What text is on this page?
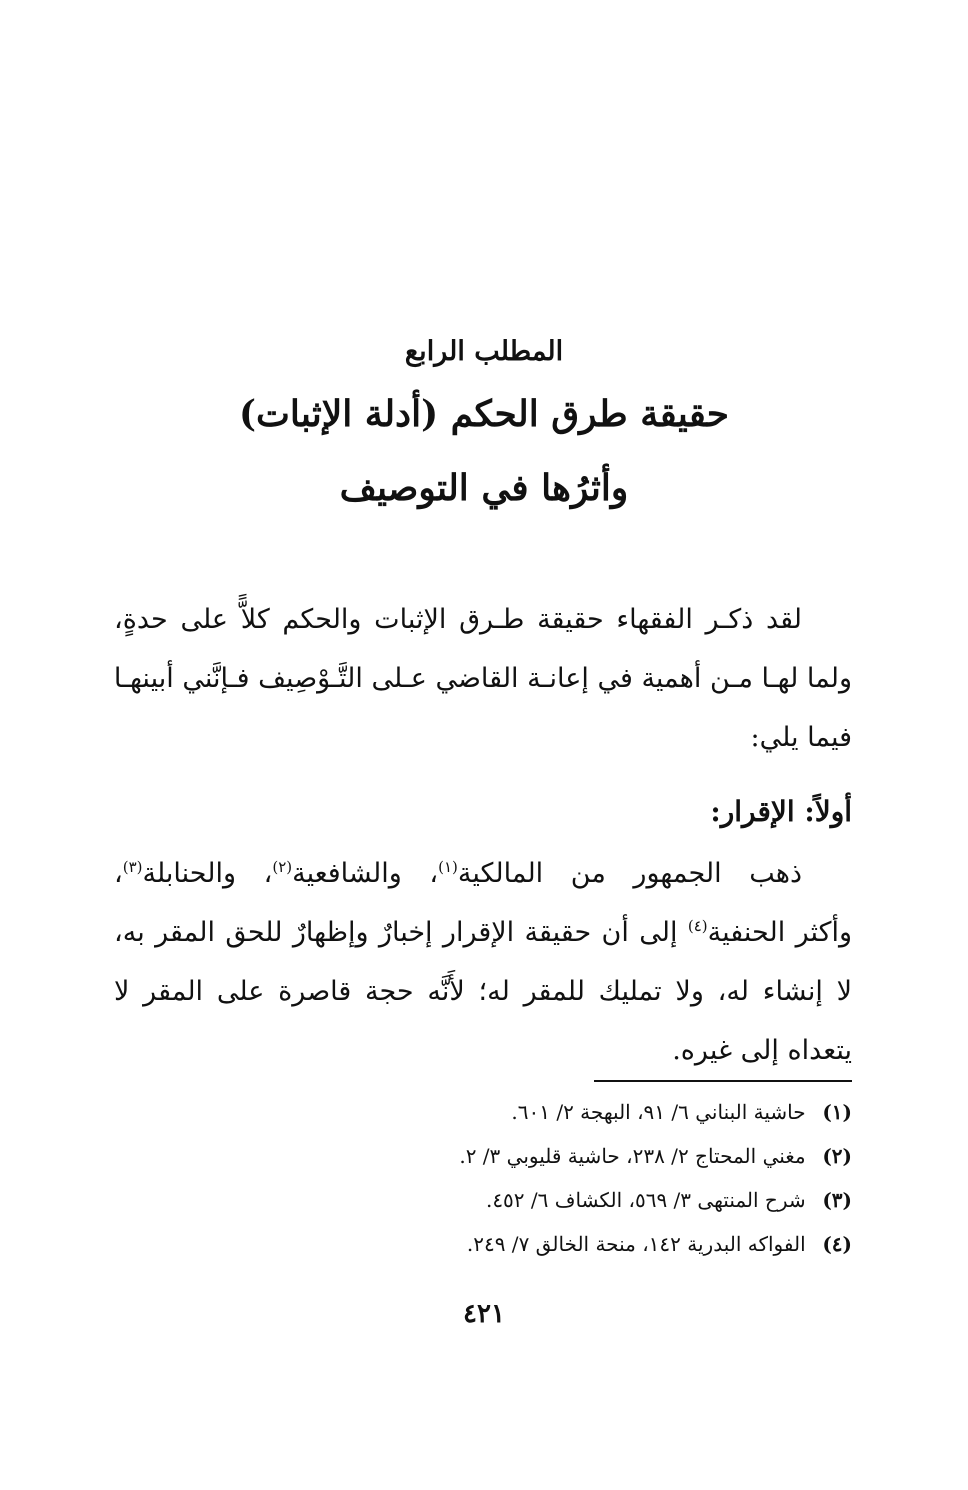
المطلب الرابع
حقيقة طرق الحكم (أدلة الإثبات)
وأثرُها في التوصيف
لقد ذكـر الفقهاء حقيقة طـرق الإثبات والحكم كلاًّ على حدةٍ،
ولما لهـا مـن أهمية في إعانـة القاضي عـلى التَّـوْصِيف فـإنَّني أبينهـا
فيما يلي:
أولاً: الإقرار:
ذهب الجمهور من المالكية$^{(١)}$، والشافعية$^{(٢)}$، والحنابلة$^{(٣)}$،
وأكثر الحنفية$^{(٤)}$ إلى أن حقيقة الإقرار إخبارٌ وإظهارٌ للحق المقر به،
لا إنشاء له، ولا تمليك للمقر له؛ لأَنَّه حجة قاصرة على المقر لا
يتعداه إلى غيره.
(١) حاشية البناني ٦/ ٩١، البهجة ٢/ ٦٠١.
(٢) مغني المحتاج ٢/ ٢٣٨، حاشية قليوبي ٣/ ٢.
(٣) شرح المنتهى ٣/ ٥٦٩، الكشاف ٦/ ٤٥٢.
(٤) الفواكه البدرية ١٤٢، منحة الخالق ٧/ ٢٤٩.
٤٢١
